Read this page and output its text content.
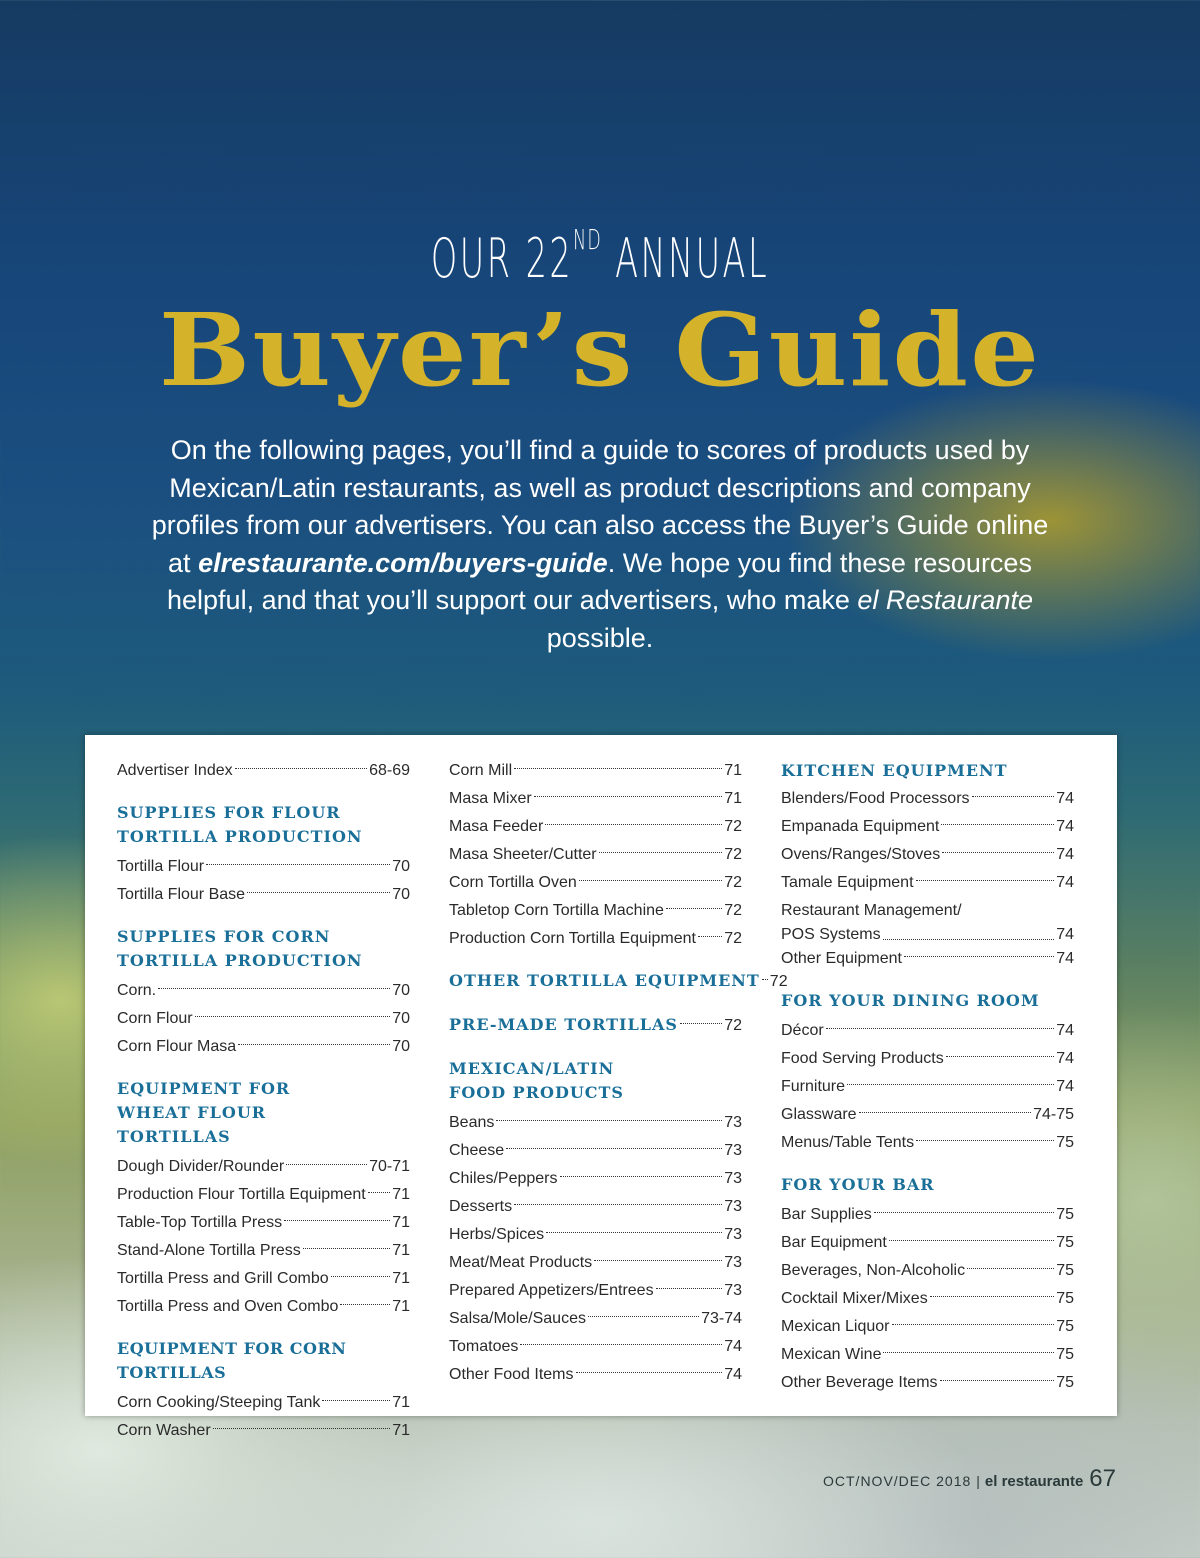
OUR 22ND ANNUAL
Buyer’s Guide

On the following pages, you’ll find a guide to scores of products used by Mexican/Latin restaurants, as well as product descriptions and company profiles from our advertisers. You can also access the Buyer’s Guide online at elrestaurante.com/buyers-guide. We hope you find these resources helpful, and that you’ll support our advertisers, who make el Restaurante possible.

Advertiser Index	68-69
SUPPLIES FOR FLOUR TORTILLA PRODUCTION
Tortilla Flour	70
Tortilla Flour Base	70
SUPPLIES FOR CORN TORTILLA PRODUCTION
Corn.	70
Corn Flour	70
Corn Flour Masa	70
EQUIPMENT FOR WHEAT FLOUR TORTILLAS
Dough Divider/Rounder	70-71
Production Flour Tortilla Equipment 71
Table-Top Tortilla Press	71
Stand-Alone Tortilla Press	71
Tortilla Press and Grill Combo	71
Tortilla Press and Oven Combo	71
EQUIPMENT FOR CORN TORTILLAS
Corn Cooking/Steeping Tank	71
Corn Washer	71
Corn Mill	71
Masa Mixer	71
Masa Feeder	72
Masa Sheeter/Cutter	72
Corn Tortilla Oven	72
Tabletop Corn Tortilla Machine	72
Production Corn Tortilla Equipment 72
OTHER TORTILLA EQUIPMENT 72
PRE-MADE TORTILLAS	72
MEXICAN/LATIN FOOD PRODUCTS
Beans	73
Cheese	73
Chiles/Peppers	73
Desserts	73
Herbs/Spices	73
Meat/Meat Products	73
Prepared Appetizers/Entrees	73
Salsa/Mole/Sauces	73-74
Tomatoes	74
Other Food Items	74
KITCHEN EQUIPMENT
Blenders/Food Processors	74
Empanada Equipment	74
Ovens/Ranges/Stoves	74
Tamale Equipment	74
Restaurant Management/
POS Systems	74
Other Equipment	74
FOR YOUR DINING ROOM
Décor	74
Food Serving Products	74
Furniture	74
Glassware	74-75
Menus/Table Tents	75
FOR YOUR BAR
Bar Supplies	75
Bar Equipment	75
Beverages, Non-Alcoholic	75
Cocktail Mixer/Mixes	75
Mexican Liquor	75
Mexican Wine	75
Other Beverage Items	75
OCT/NOV/DEC 2018 | el restaurante 67
